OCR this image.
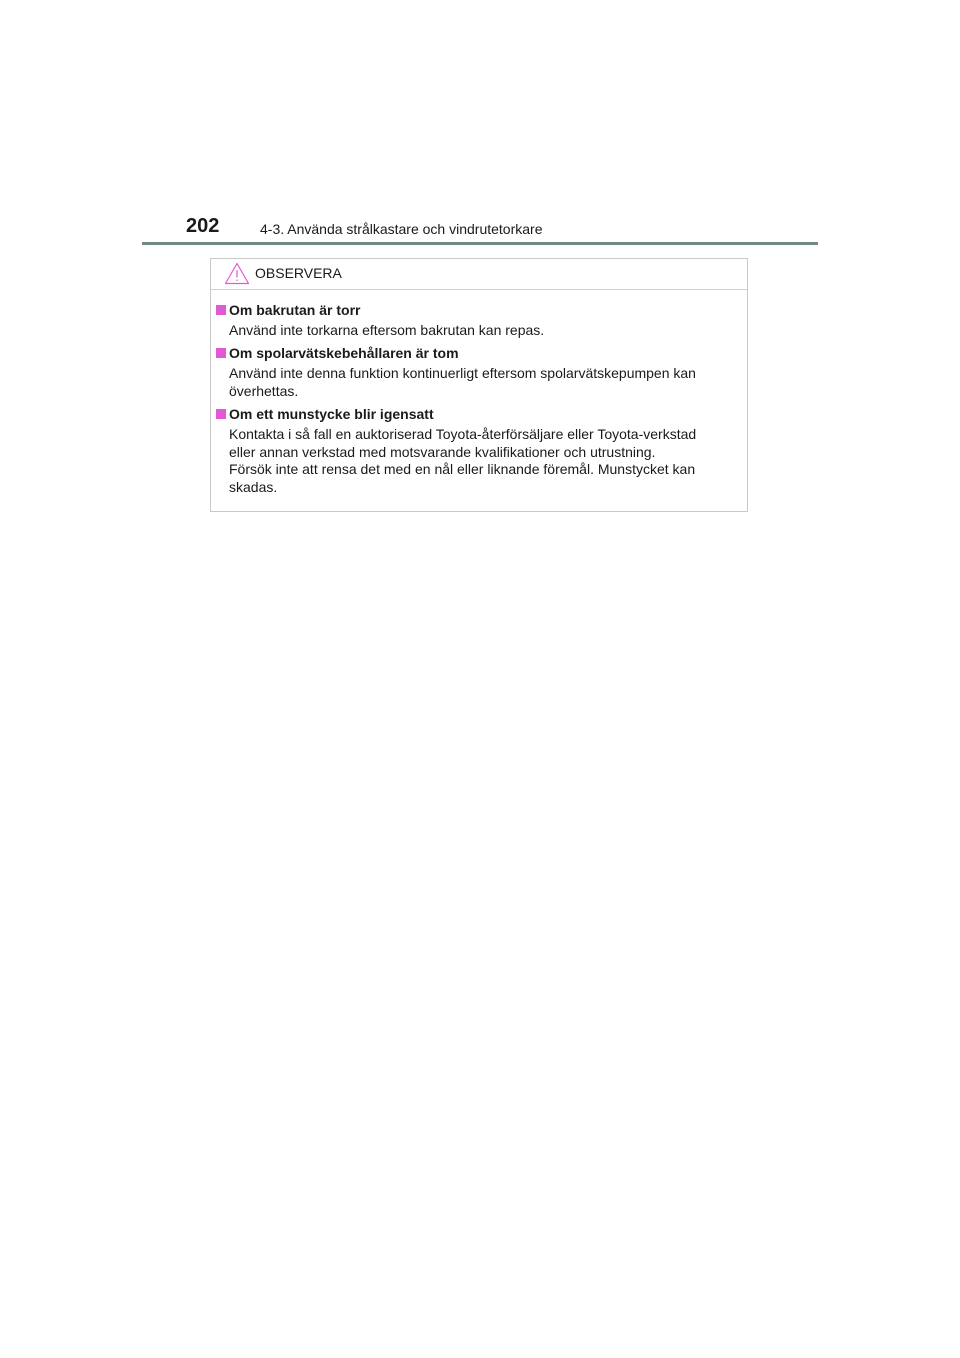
202	4-3. Använda strålkastare och vindrutetorkare
OBSERVERA
Om bakrutan är torr
Använd inte torkarna eftersom bakrutan kan repas.
Om spolarvätskebehållaren är tom
Använd inte denna funktion kontinuerligt eftersom spolarvätskepumpen kan
överhettas.
Om ett munstycke blir igensatt
Kontakta i så fall en auktoriserad Toyota-återförsäljare eller Toyota-verkstad
eller annan verkstad med motsvarande kvalifikationer och utrustning.
Försök inte att rensa det med en nål eller liknande föremål. Munstycket kan
skadas.
